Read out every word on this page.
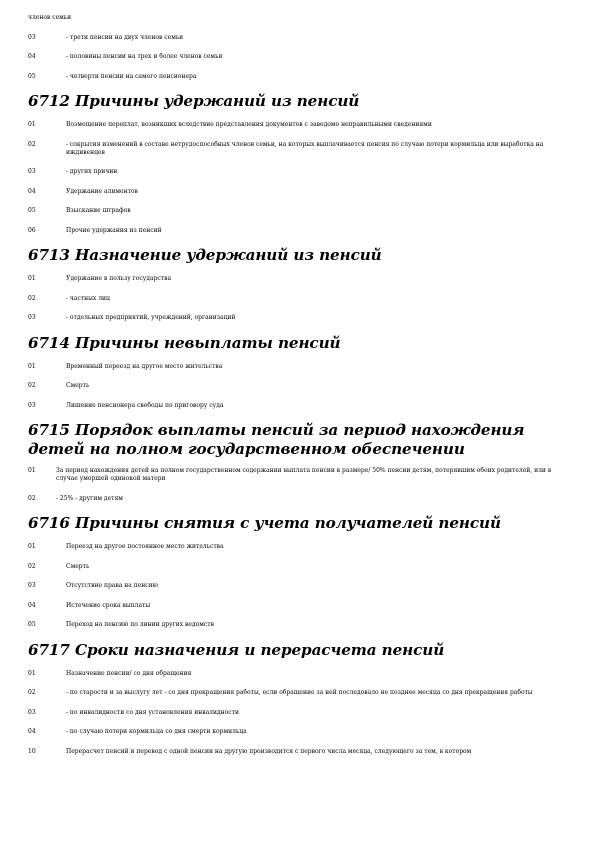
членов семьи
03	- трети пенсии на двух членов семьи
04	- половины пенсии на трех и более членов семьи
05	- четверти пенсии на самого пенсионера
6712 Причины удержаний из пенсий
01	Возмещение переплат, возникших вследствие представления документов с заведомо неправильными сведениями
02	- сокрытия изменений в составе нетрудоспособных членов семьи, на которых выплачивается пенсия по случаю потери кормильца или выработка на иждивенцев
03	- других причин
04	Удержание алиментов
05	Взыскание штрафов
06	Прочие удержания из пенсий
6713 Назначение удержаний из пенсий
01	Удержание в пользу государства
02	- частных лиц
03	- отдельных предприятий, учреждений, организаций
6714 Причины невыплаты пенсий
01	Временный переезд на другое место жительства
02	Смерть
03	Лишение пенсионера свободы по приговору суда
6715 Порядок выплаты пенсий за период нахождения детей на полном государственном обеспечении
01	За период нахождения детей на полном государственном содержании выплата пенсии в размере/ 50% пенсии детям, потерявшим обоих родителей, или в случае умершей одинокой матери
02	- 25% - другим детям
6716 Причины снятия с учета получателей пенсий
01	Переезд на другое постоянное место жительства
02	Смерть
03	Отсутствие права на пенсию
04	Истечение срока выплаты
05	Переход на пенсию по линии других ведомств
6717 Сроки назначения и перерасчета пенсий
01	Назначение пенсии/ со дня обращения
02	- по старости и за выслугу лет - со дня прекращения работы, если обращение за ней последовало не позднее месяца со дня прекращения работы
03	- по инвалидности со дня установления инвалидности
04	- по случаю потери кормильца со дня смерти кормильца
10	Перерасчет пенсий и перевод с одной пенсии на другую производится с первого числа месяца, следующего за тем, в котором
